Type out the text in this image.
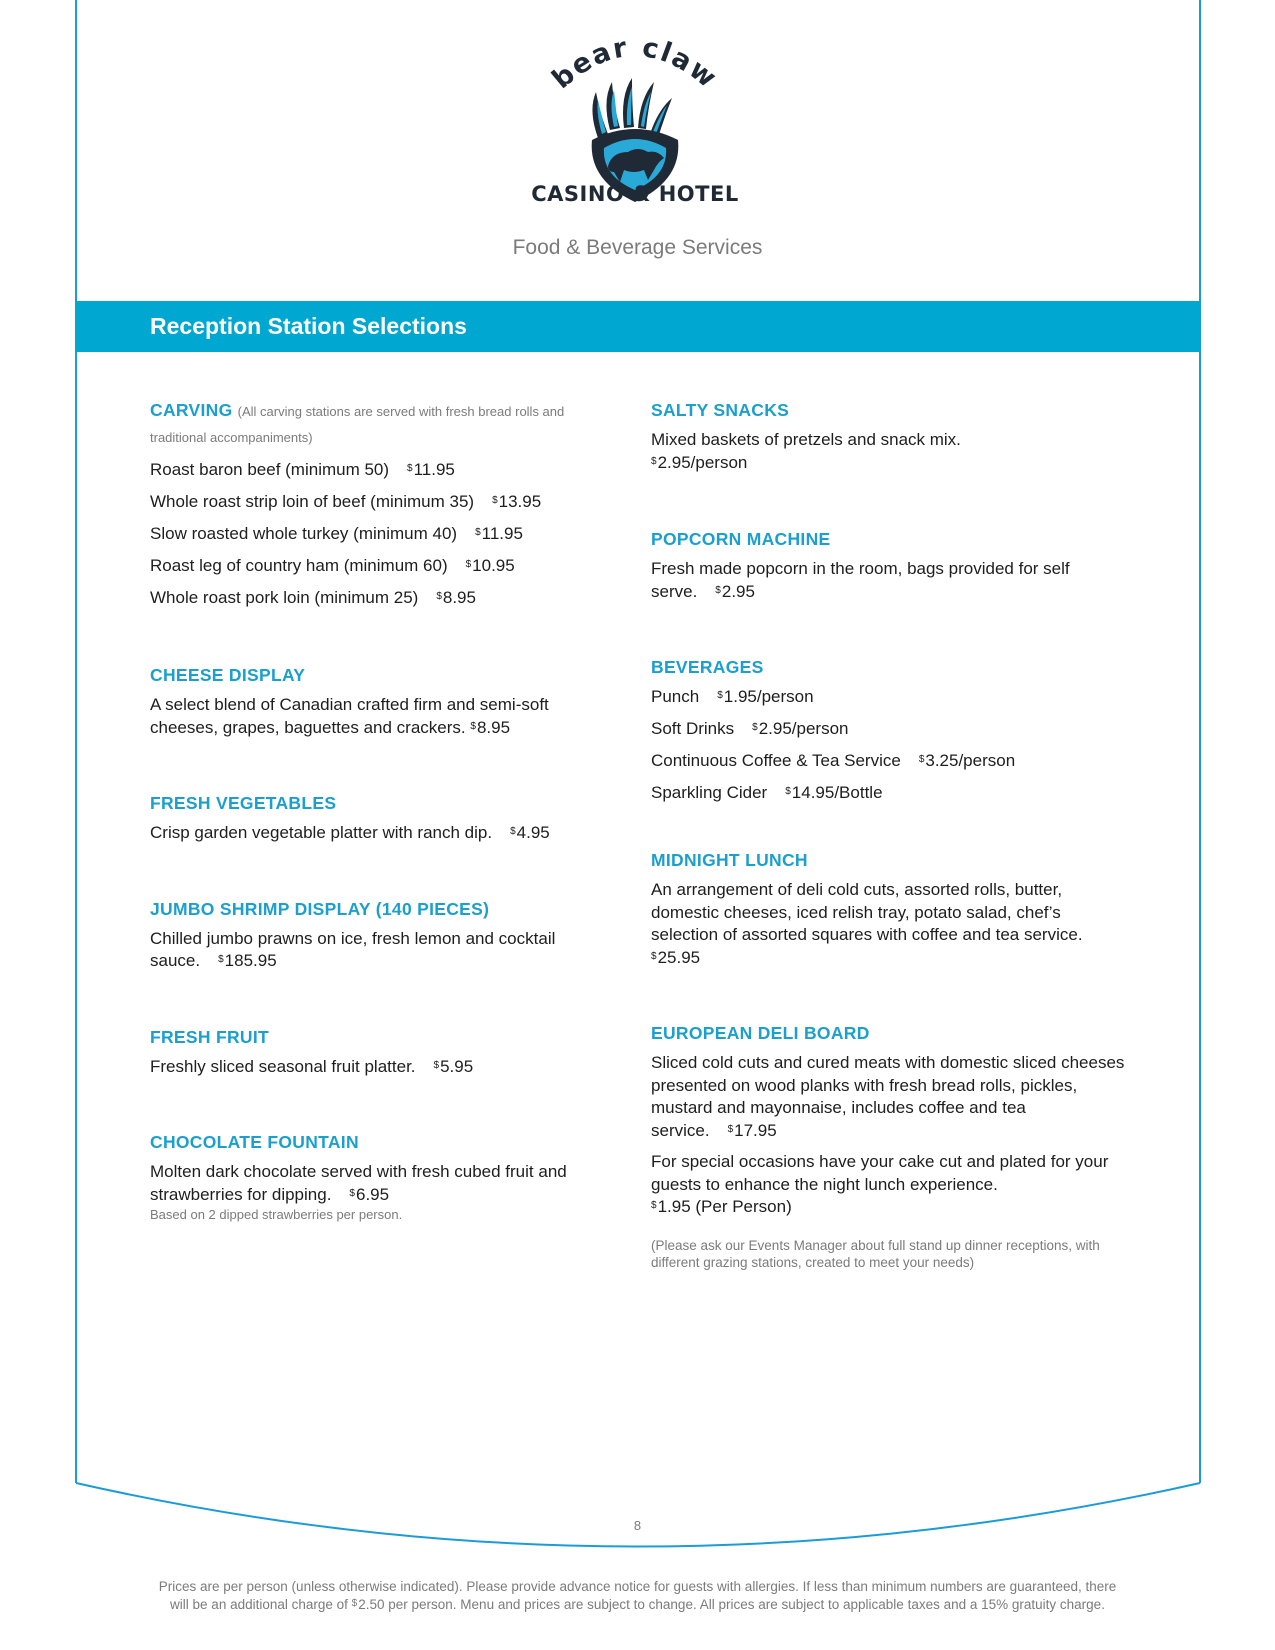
bear claw
CASINO & HOTEL
Food & Beverage Services
Reception Station Selections
CARVING (All carving stations are served with fresh bread rolls and traditional accompaniments)
Roast baron beef (minimum 50) $11.95
Whole roast strip loin of beef (minimum 35) $13.95
Slow roasted whole turkey (minimum 40) $11.95
Roast leg of country ham (minimum 60) $10.95
Whole roast pork loin (minimum 25) $8.95
CHEESE DISPLAY
A select blend of Canadian crafted firm and semi-soft cheeses, grapes, baguettes and crackers. $8.95
FRESH VEGETABLES
Crisp garden vegetable platter with ranch dip. $4.95
JUMBO SHRIMP DISPLAY (140 PIECES)
Chilled jumbo prawns on ice, fresh lemon and cocktail sauce. $185.95
FRESH FRUIT
Freshly sliced seasonal fruit platter. $5.95
CHOCOLATE FOUNTAIN
Molten dark chocolate served with fresh cubed fruit and strawberries for dipping. $6.95
Based on 2 dipped strawberries per person.
SALTY SNACKS
Mixed baskets of pretzels and snack mix.
$2.95/person
POPCORN MACHINE
Fresh made popcorn in the room, bags provided for self serve. $2.95
BEVERAGES
Punch $1.95/person
Soft Drinks $2.95/person
Continuous Coffee & Tea Service $3.25/person
Sparkling Cider $14.95/Bottle
MIDNIGHT LUNCH
An arrangement of deli cold cuts, assorted rolls, butter, domestic cheeses, iced relish tray, potato salad, chef’s selection of assorted squares with coffee and tea service.
$25.95
EUROPEAN DELI BOARD
Sliced cold cuts and cured meats with domestic sliced cheeses presented on wood planks with fresh bread rolls, pickles, mustard and mayonnaise, includes coffee and tea service. $17.95
For special occasions have your cake cut and plated for your guests to enhance the night lunch experience.
$1.95 (Per Person)
(Please ask our Events Manager about full stand up dinner receptions, with different grazing stations, created to meet your needs)
8
Prices are per person (unless otherwise indicated). Please provide advance notice for guests with allergies. If less than minimum numbers are guaranteed, there
will be an additional charge of $2.50 per person. Menu and prices are subject to change. All prices are subject to applicable taxes and a 15% gratuity charge.
